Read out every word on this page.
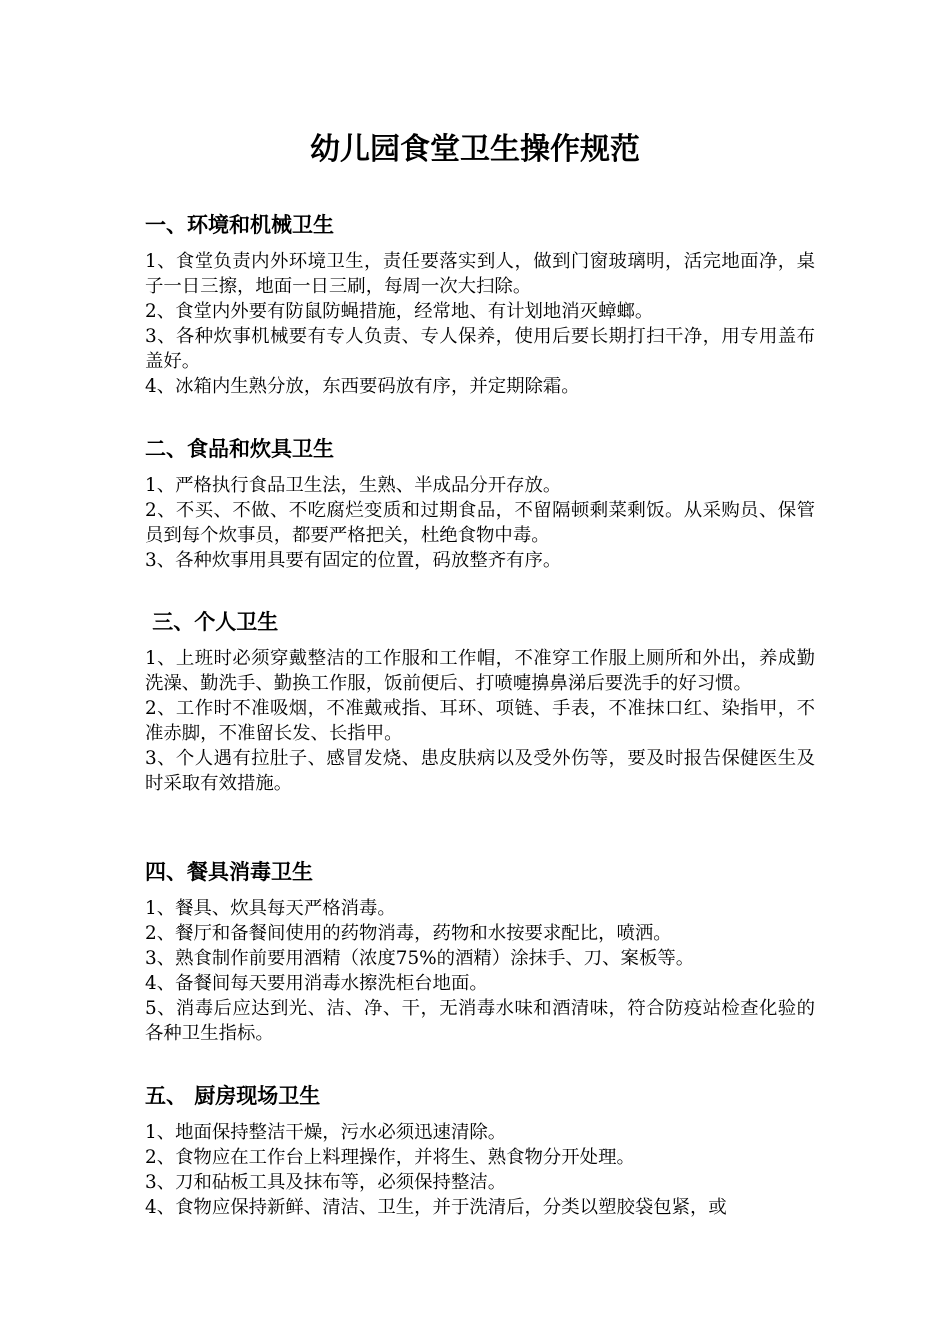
幼儿园食堂卫生操作规范
一、环境和机械卫生

1、食堂负责内外环境卫生，责任要落实到人，做到门窗玻璃明，活完地面净，桌子一日三擦，地面一日三刷，每周一次大扫除。

2、食堂内外要有防鼠防蝇措施，经常地、有计划地消灭蟑螂。

3、各种炊事机械要有专人负责、专人保养，使用后要长期打扫干净，用专用盖布盖好。

4、冰箱内生熟分放，东西要码放有序，并定期除霜。

二、食品和炊具卫生

1、严格执行食品卫生法，生熟、半成品分开存放。

2、不买、不做、不吃腐烂变质和过期食品，不留隔顿剩菜剩饭。从采购员、保管员到每个炊事员，都要严格把关，杜绝食物中毒。

3、各种炊事用具要有固定的位置，码放整齐有序。

三、个人卫生

1、上班时必须穿戴整洁的工作服和工作帽，不准穿工作服上厕所和外出，养成勤洗澡、勤洗手、勤换工作服，饭前便后、打喷嚏擤鼻涕后要洗手的好习惯。

2、工作时不准吸烟，不准戴戒指、耳环、项链、手表，不准抹口红、染指甲，不准赤脚，不准留长发、长指甲。

3、个人遇有拉肚子、感冒发烧、患皮肤病以及受外伤等，要及时报告保健医生及时采取有效措施。

四、餐具消毒卫生

1、餐具、炊具每天严格消毒。

2、餐厅和备餐间使用的药物消毒，药物和水按要求配比，喷洒。

3、熟食制作前要用酒精（浓度75%的酒精）涂抹手、刀、案板等。

4、备餐间每天要用消毒水擦洗柜台地面。

5、消毒后应达到光、洁、净、干，无消毒水味和酒清味，符合防疫站检查化验的各种卫生指标。

五、 厨房现场卫生

1、地面保持整洁干燥，污水必须迅速清除。

2、食物应在工作台上料理操作，并将生、熟食物分开处理。

3、刀和砧板工具及抹布等，必须保持整洁。

4、食物应保持新鲜、清洁、卫生，并于洗清后，分类以塑胶袋包紧，或
